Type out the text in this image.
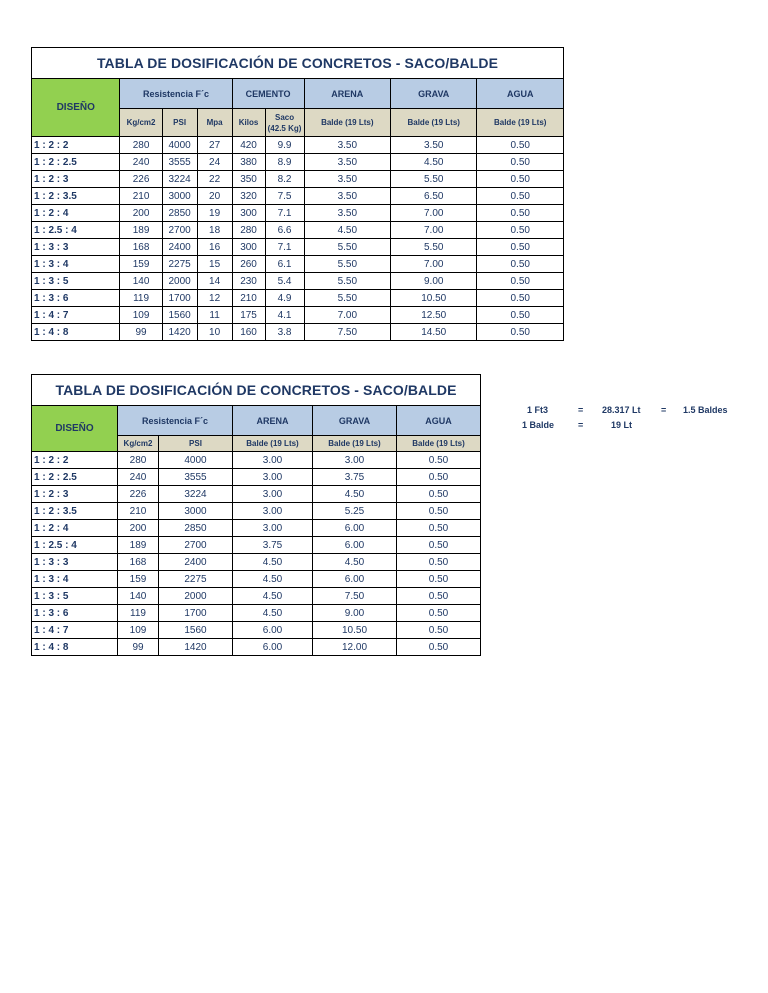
TABLA DE DOSIFICACIÓN DE CONCRETOS - SACO/BALDE								
DISEÑO	Resistencia F´c			CEMENTO		ARENA	GRAVA	AGUA
	Kg/cm2	PSI	Mpa	Kilos	Saco
(42.5 Kg)	Balde (19 Lts)	Balde (19 Lts)	Balde (19 Lts)
1 : 2 : 2	280	4000	27	420	9.9	3.50	3.50	0.50
1 : 2 : 2.5	240	3555	24	380	8.9	3.50	4.50	0.50
1 : 2 : 3	226	3224	22	350	8.2	3.50	5.50	0.50
1 : 2 : 3.5	210	3000	20	320	7.5	3.50	6.50	0.50
1 : 2 : 4	200	2850	19	300	7.1	3.50	7.00	0.50
1 : 2.5 : 4	189	2700	18	280	6.6	4.50	7.00	0.50
1 : 3 : 3	168	2400	16	300	7.1	5.50	5.50	0.50
1 : 3 : 4	159	2275	15	260	6.1	5.50	7.00	0.50
1 : 3 : 5	140	2000	14	230	5.4	5.50	9.00	0.50
1 : 3 : 6	119	1700	12	210	4.9	5.50	10.50	0.50
1 : 4 : 7	109	1560	11	175	4.1	7.00	12.50	0.50
1 : 4 : 8	99	1420	10	160	3.8	7.50	14.50	0.50
TABLA DE DOSIFICACIÓN DE CONCRETOS - SACO/BALDE					
DISEÑO	Resistencia F´c		ARENA	GRAVA	AGUA
	Kg/cm2	PSI	Balde (19 Lts)	Balde (19 Lts)	Balde (19 Lts)
1 : 2 : 2	280	4000	3.00	3.00	0.50
1 : 2 : 2.5	240	3555	3.00	3.75	0.50
1 : 2 : 3	226	3224	3.00	4.50	0.50
1 : 2 : 3.5	210	3000	3.00	5.25	0.50
1 : 2 : 4	200	2850	3.00	6.00	0.50
1 : 2.5 : 4	189	2700	3.75	6.00	0.50
1 : 3 : 3	168	2400	4.50	4.50	0.50
1 : 3 : 4	159	2275	4.50	6.00	0.50
1 : 3 : 5	140	2000	4.50	7.50	0.50
1 : 3 : 6	119	1700	4.50	9.00	0.50
1 : 4 : 7	109	1560	6.00	10.50	0.50
1 : 4 : 8	99	1420	6.00	12.00	0.50
1 Ft3	= 28.317 Lt = 1.5 Baldes
1 Balde	=	19 Lt
